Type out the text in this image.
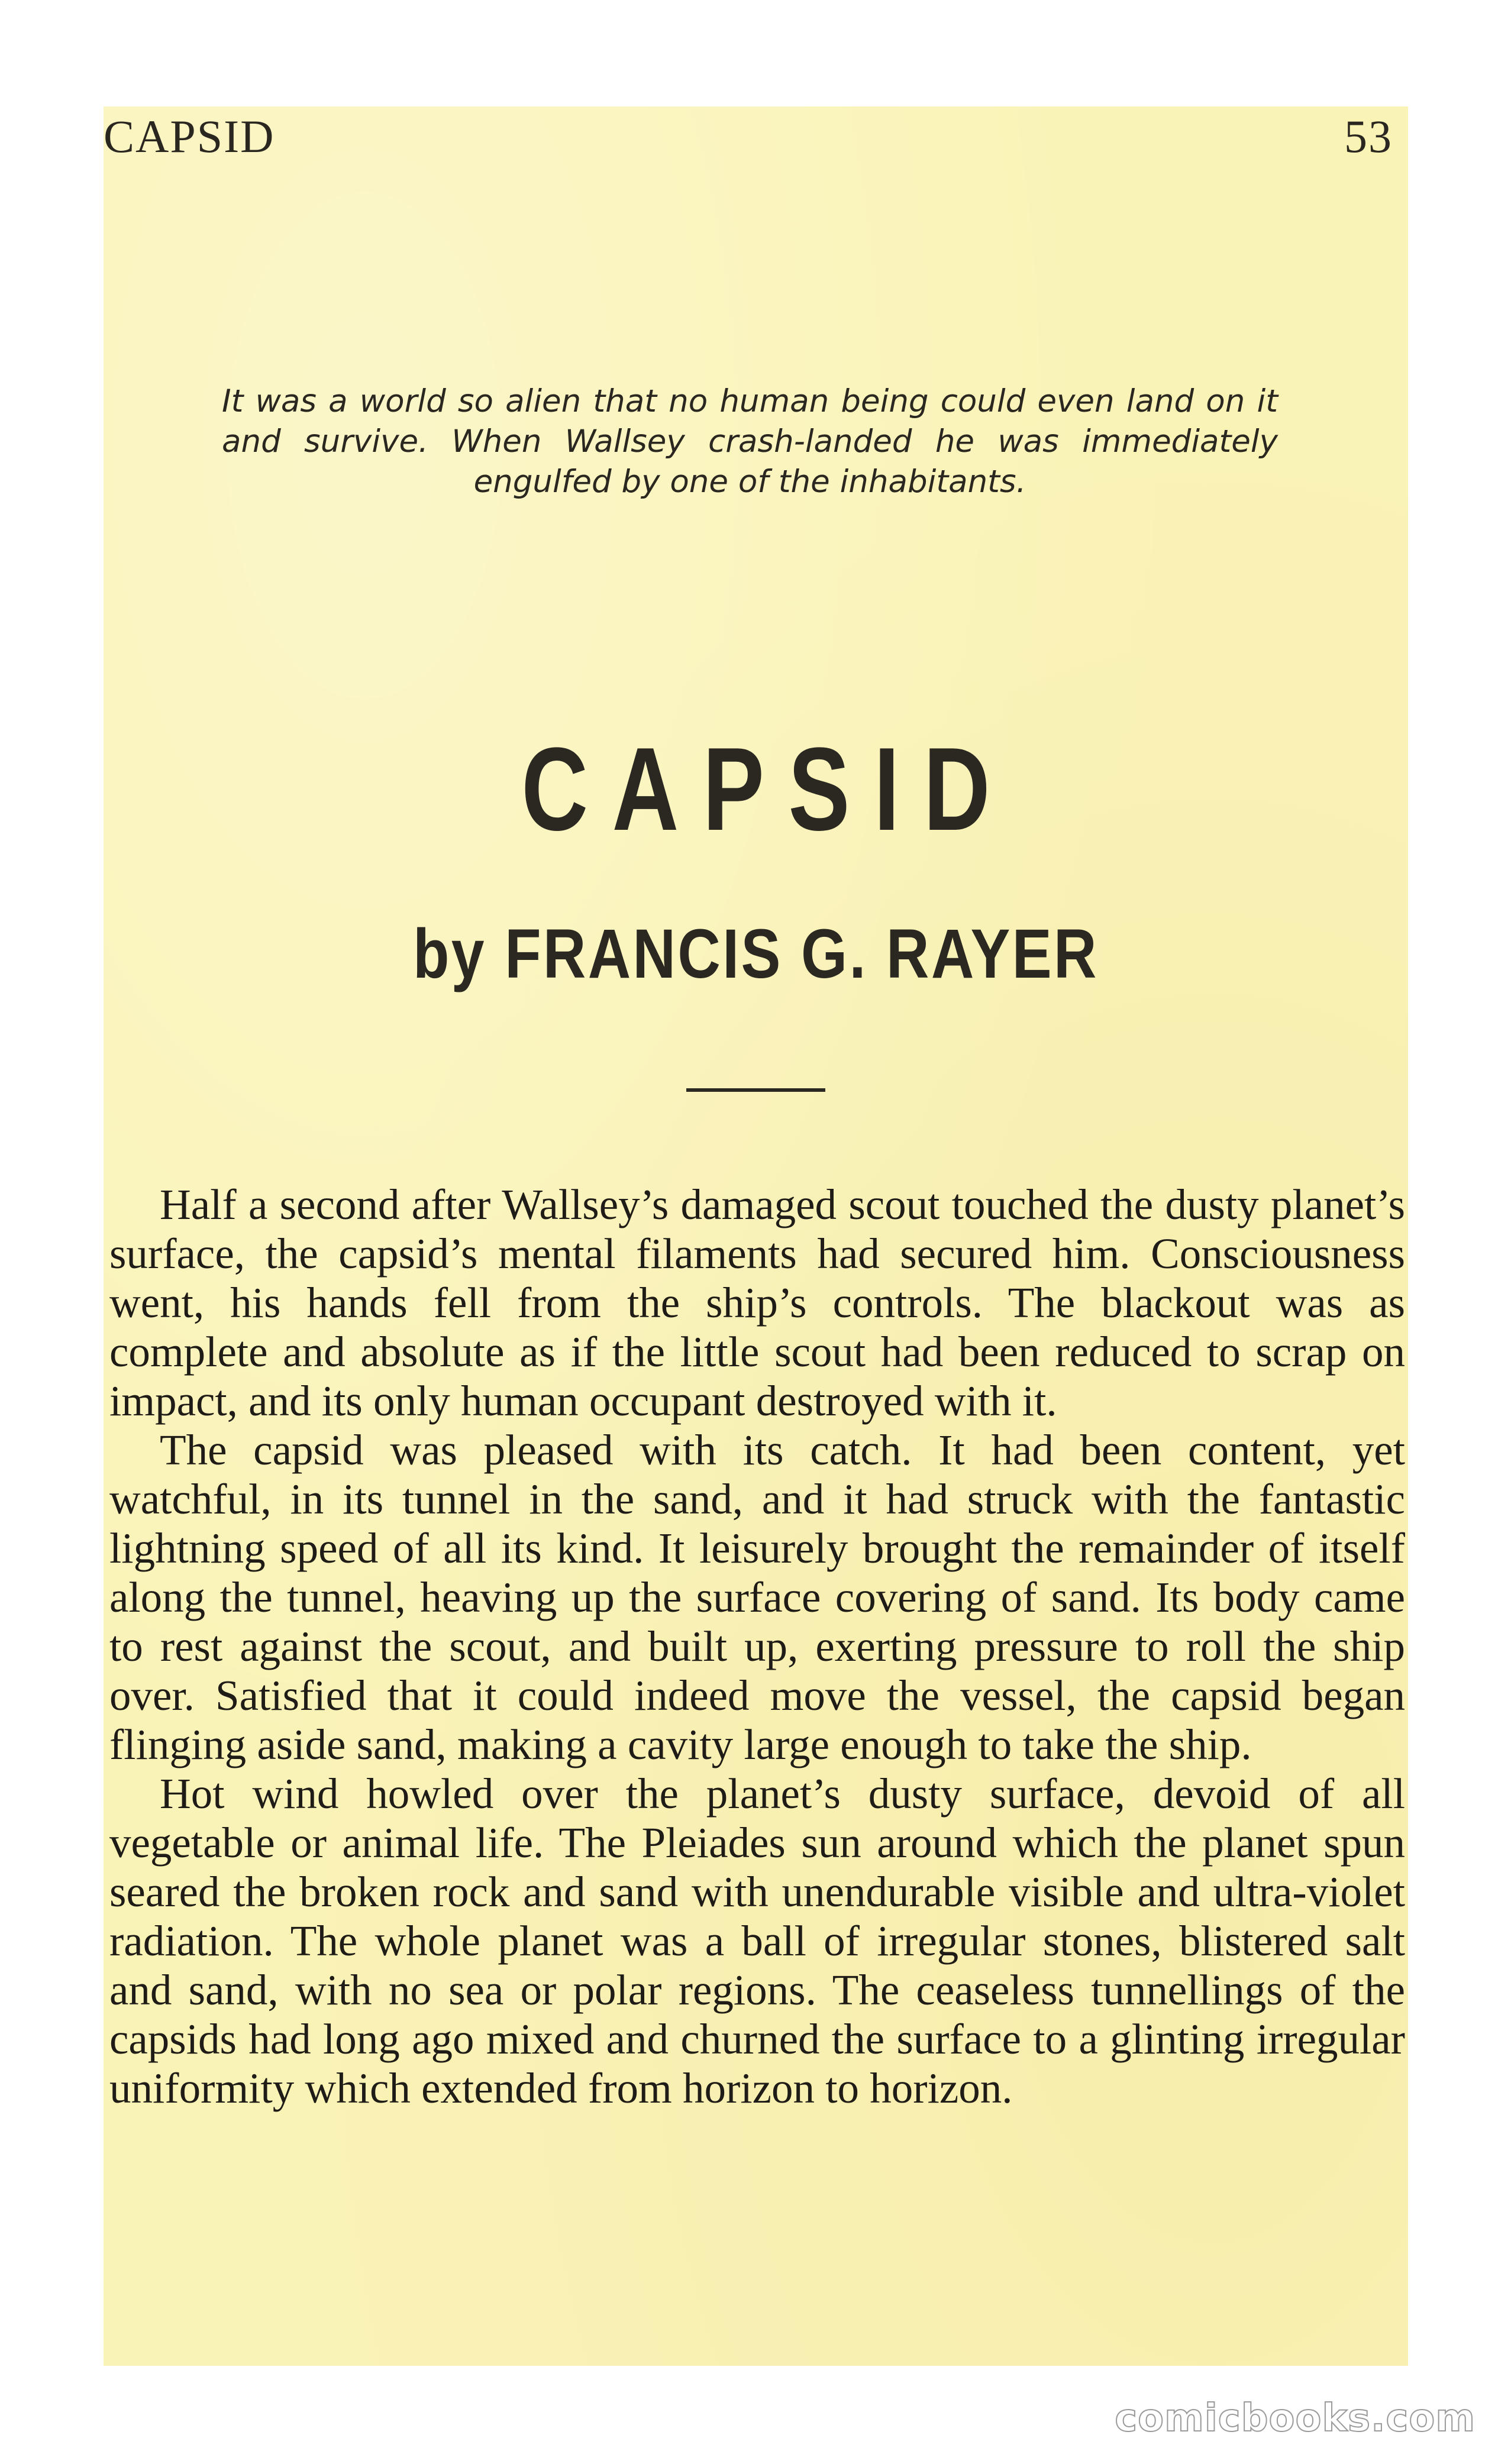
CAPSID	53
It was a world so alien that no human being could even land on it and survive. When Wallsey crash-landed he was immediately engulfed by one of the inhabitants.
CAPSID
by FRANCIS G. RAYER

Half a second after Wallsey’s damaged scout touched the dusty planet’s surface, the capsid’s mental filaments had secured him. Consciousness went, his hands fell from the ship’s controls. The blackout was as complete and absolute as if the little scout had been reduced to scrap on impact, and its only human occupant destroyed with it.

The capsid was pleased with its catch. It had been content, yet watchful, in its tunnel in the sand, and it had struck with the fantastic lightning speed of all its kind. It leisurely brought the remainder of itself along the tunnel, heaving up the surface covering of sand. Its body came to rest against the scout, and built up, exerting pressure to roll the ship over. Satisfied that it could indeed move the vessel, the capsid began flinging aside sand, making a cavity large enough to take the ship.

Hot wind howled over the planet’s dusty surface, devoid of all vegetable or animal life. The Pleiades sun around which the planet spun seared the broken rock and sand with unendurable visible and ultra-violet radiation. The whole planet was a ball of irregular stones, blistered salt and sand, with no sea or polar regions. The ceaseless tunnellings of the capsids had long ago mixed and churned the surface to a glinting irregular uniformity which extended from horizon to horizon.

comicbooks.com
